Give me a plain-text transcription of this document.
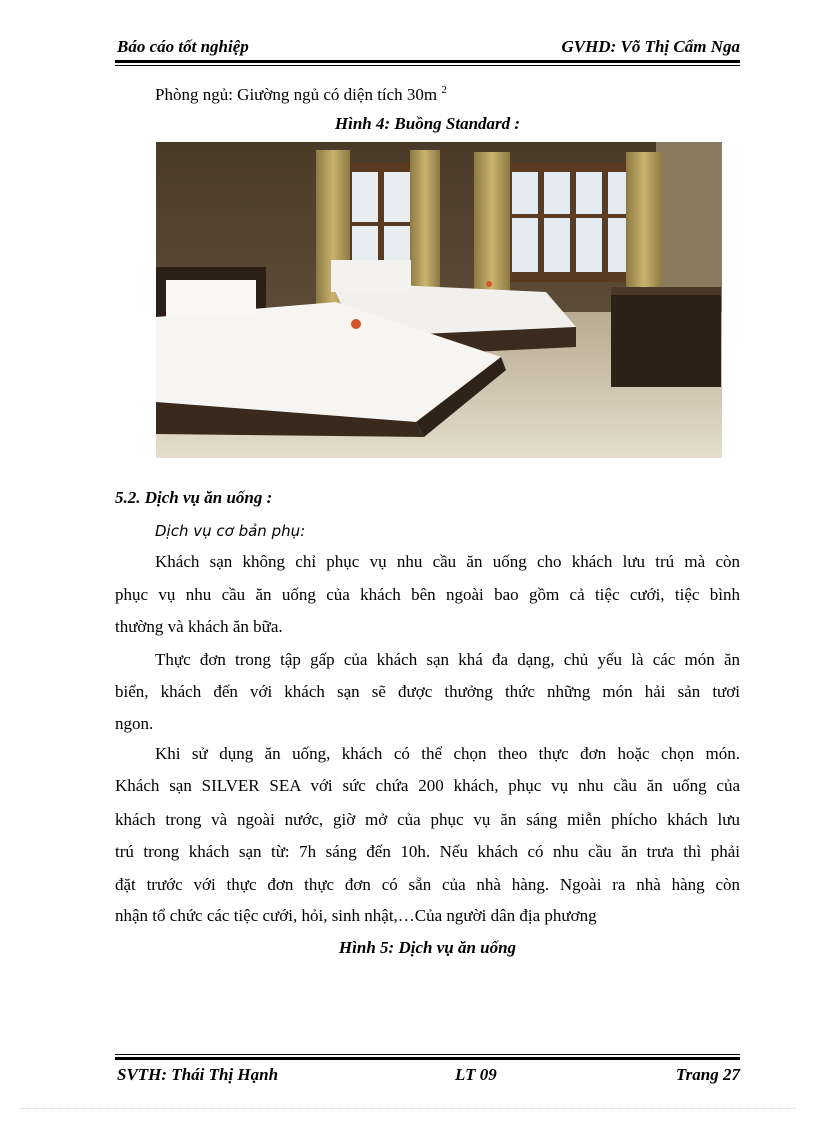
Báo cáo tốt nghiệp	GVHD: Võ Thị Cẩm Nga
Phòng ngủ: Giường ngủ có diện tích 30m $^2$
Hình 4: Buồng Standard :
5.2. Dịch vụ ăn uống :
Dịch vụ cơ bản phụ:
Khách sạn không chỉ phục vụ nhu cầu ăn uống cho khách lưu trú mà còn
phục vụ nhu cầu ăn uống của khách bên ngoài bao gồm cả tiệc cưới, tiệc bình
thường và khách ăn bữa.
Thực đơn trong tập gấp của khách sạn khá đa dạng, chủ yếu là các món ăn
biển, khách đến với khách sạn sẽ được thưởng thức những món hải sản tươi
ngon.
Khi sử dụng ăn uống, khách có thể chọn theo thực đơn hoặc chọn món.
Khách sạn SILVER SEA với sức chứa 200 khách, phục vụ nhu cầu ăn uống của
khách trong và ngoài nước, giờ mở của phục vụ ăn sáng miễn phícho khách lưu
trú trong khách sạn từ: 7h sáng đến 10h. Nếu khách có nhu cầu ăn trưa thì phải
đặt trước với thực đơn thực đơn có sẵn của nhà hàng. Ngoài ra nhà hàng còn
nhận tổ chức các tiệc cưới, hỏi, sinh nhật,…Của người dân địa phương
Hình 5: Dịch vụ ăn uống
SVTH: Thái Thị Hạnh	LT 09	Trang 27
